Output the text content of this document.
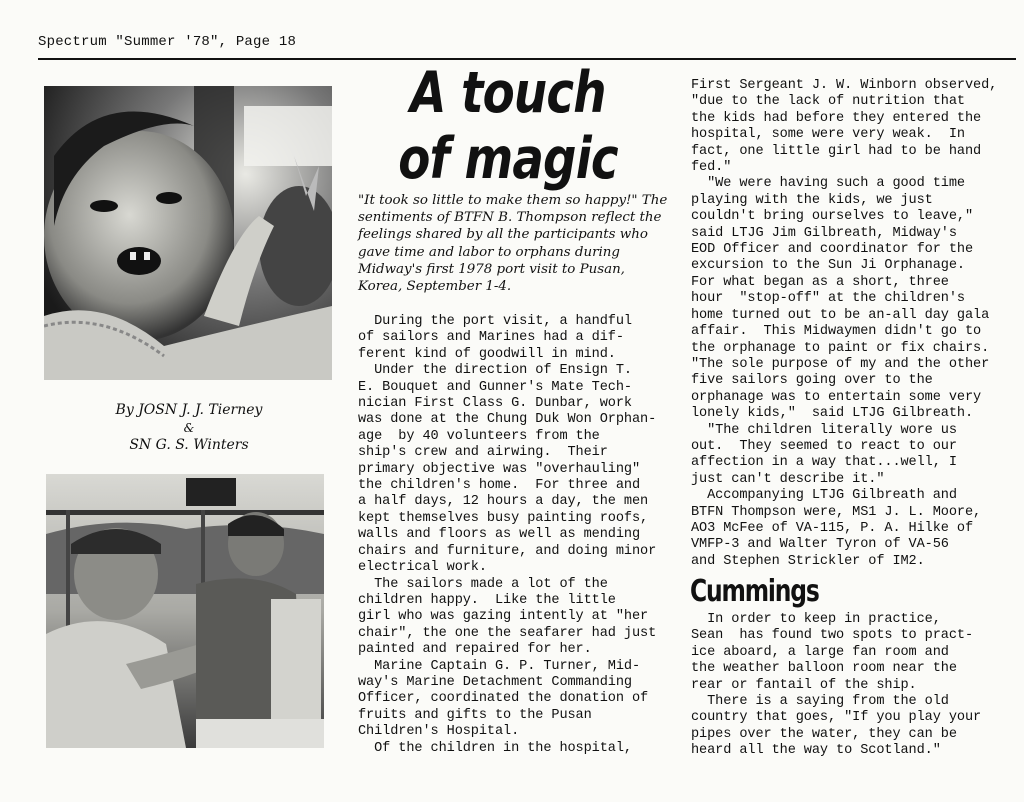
Spectrum "Summer '78", Page 18
By JOSN J. J. Tierney
&
SN G. S. Winters
A touch
of magic
"It took so little to make them so happy!" The sentiments of BTFN B. Thompson reflect the feelings shared by all the participants who gave time and labor to orphans during Midway's first 1978 port visit to Pusan, Korea, September 1-4.
During the port visit, a handful
of sailors and Marines had a dif-
ferent kind of goodwill in mind.
Under the direction of Ensign T.
E. Bouquet and Gunner's Mate Tech-
nician First Class G. Dunbar, work
was done at the Chung Duk Won Orphan-
age  by 40 volunteers from the
ship's crew and airwing.  Their
primary objective was "overhauling"
the children's home.  For three and
a half days, 12 hours a day, the men
kept themselves busy painting roofs,
walls and floors as well as mending
chairs and furniture, and doing minor
electrical work.
The sailors made a lot of the
children happy.  Like the little
girl who was gazing intently at "her
chair", the one the seafarer had just
painted and repaired for her.
Marine Captain G. P. Turner, Mid-
way's Marine Detachment Commanding
Officer, coordinated the donation of
fruits and gifts to the Pusan
Children's Hospital.
Of the children in the hospital,
First Sergeant J. W. Winborn observed,
"due to the lack of nutrition that
the kids had before they entered the
hospital, some were very weak.  In
fact, one little girl had to be hand
fed."
"We were having such a good time
playing with the kids, we just
couldn't bring ourselves to leave,"
said LTJG Jim Gilbreath, Midway's
EOD Officer and coordinator for the
excursion to the Sun Ji Orphanage.
For what began as a short, three
hour  "stop-off" at the children's
home turned out to be an-all day gala
affair.  This Midwaymen didn't go to
the orphanage to paint or fix chairs.
"The sole purpose of my and the other
five sailors going over to the
orphanage was to entertain some very
lonely kids,"  said LTJG Gilbreath.
"The children literally wore us
out.  They seemed to react to our
affection in a way that...well, I
just can't describe it."
Accompanying LTJG Gilbreath and
BTFN Thompson were, MS1 J. L. Moore,
AO3 McFee of VA-115, P. A. Hilke of
VMFP-3 and Walter Tyron of VA-56
and Stephen Strickler of IM2.
Cummings
In order to keep in practice,
Sean  has found two spots to pract-
ice aboard, a large fan room and
the weather balloon room near the
rear or fantail of the ship.
There is a saying from the old
country that goes, "If you play your
pipes over the water, they can be
heard all the way to Scotland."
